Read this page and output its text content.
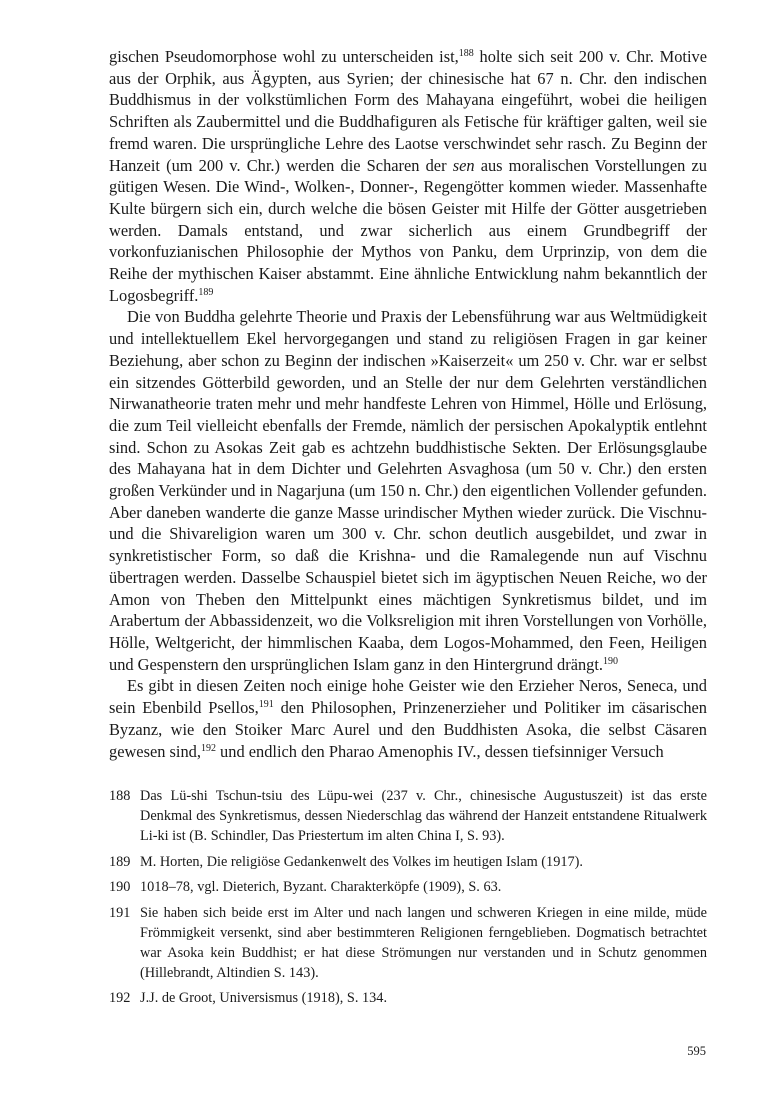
gischen Pseudomorphose wohl zu unterscheiden ist,$^{188}$ holte sich seit 200 v. Chr. Motive aus der Orphik, aus Ägypten, aus Syrien; der chinesische hat 67 n. Chr. den indischen Buddhismus in der volkstümlichen Form des Mahayana eingeführt, wobei die heiligen Schriften als Zaubermittel und die Buddhafiguren als Fetische für kräftiger galten, weil sie fremd waren. Die ursprüngliche Lehre des Laotse verschwindet sehr rasch. Zu Beginn der Hanzeit (um 200 v. Chr.) werden die Scharen der sen aus moralischen Vorstellungen zu gütigen Wesen. Die Wind-, Wolken-, Donner-, Regengötter kommen wieder. Massenhafte Kulte bürgern sich ein, durch welche die bösen Geister mit Hilfe der Götter ausgetrieben werden. Damals entstand, und zwar sicherlich aus einem Grundbegriff der vorkonfuzianischen Philosophie der Mythos von Panku, dem Urprinzip, von dem die Reihe der mythischen Kaiser abstammt. Eine ähnliche Entwicklung nahm bekanntlich der Logosbegriff.$^{189}$

Die von Buddha gelehrte Theorie und Praxis der Lebensführung war aus Weltmüdigkeit und intellektuellem Ekel hervorgegangen und stand zu religiösen Fragen in gar keiner Beziehung, aber schon zu Beginn der indischen »Kaiserzeit« um 250 v. Chr. war er selbst ein sitzendes Götterbild geworden, und an Stelle der nur dem Gelehrten verständlichen Nirwanatheorie traten mehr und mehr handfeste Lehren von Himmel, Hölle und Erlösung, die zum Teil vielleicht ebenfalls der Fremde, nämlich der persischen Apokalyptik entlehnt sind. Schon zu Asokas Zeit gab es achtzehn buddhistische Sekten. Der Erlösungsglaube des Mahayana hat in dem Dichter und Gelehrten Asvaghosa (um 50 v. Chr.) den ersten großen Verkünder und in Nagarjuna (um 150 n. Chr.) den eigentlichen Vollender gefunden. Aber daneben wanderte die ganze Masse urindischer Mythen wieder zurück. Die Vischnu- und die Shivareligion waren um 300 v. Chr. schon deutlich ausgebildet, und zwar in synkretistischer Form, so daß die Krishna- und die Ramalegende nun auf Vischnu übertragen werden. Dasselbe Schauspiel bietet sich im ägyptischen Neuen Reiche, wo der Amon von Theben den Mittelpunkt eines mächtigen Synkretismus bildet, und im Arabertum der Abbassidenzeit, wo die Volksreligion mit ihren Vorstellungen von Vorhölle, Hölle, Weltgericht, der himmlischen Kaaba, dem Logos-Mohammed, den Feen, Heiligen und Gespenstern den ursprünglichen Islam ganz in den Hintergrund drängt.$^{190}$

Es gibt in diesen Zeiten noch einige hohe Geister wie den Erzieher Neros, Seneca, und sein Ebenbild Psellos,$^{191}$ den Philosophen, Prinzenerzieher und Politiker im cäsarischen Byzanz, wie den Stoiker Marc Aurel und den Buddhisten Asoka, die selbst Cäsaren gewesen sind,$^{192}$ und endlich den Pharao Amenophis IV., dessen tiefsinniger Versuch

188 Das Lü-shi Tschun-tsiu des Lüpu-wei (237 v. Chr., chinesische Augustuszeit) ist das erste Denkmal des Synkretismus, dessen Niederschlag das während der Hanzeit entstandene Ritualwerk Li-ki ist (B. Schindler, Das Priestertum im alten China I, S. 93).
189 M. Horten, Die religiöse Gedankenwelt des Volkes im heutigen Islam (1917).
190 1018–78, vgl. Dieterich, Byzant. Charakterköpfe (1909), S. 63.
191 Sie haben sich beide erst im Alter und nach langen und schweren Kriegen in eine milde, müde Frömmigkeit versenkt, sind aber bestimmteren Religionen ferngeblieben. Dogmatisch betrachtet war Asoka kein Buddhist; er hat diese Strömungen nur verstanden und in Schutz genommen (Hillebrandt, Altindien S. 143).
192 J.J. de Groot, Universismus (1918), S. 134.
595
